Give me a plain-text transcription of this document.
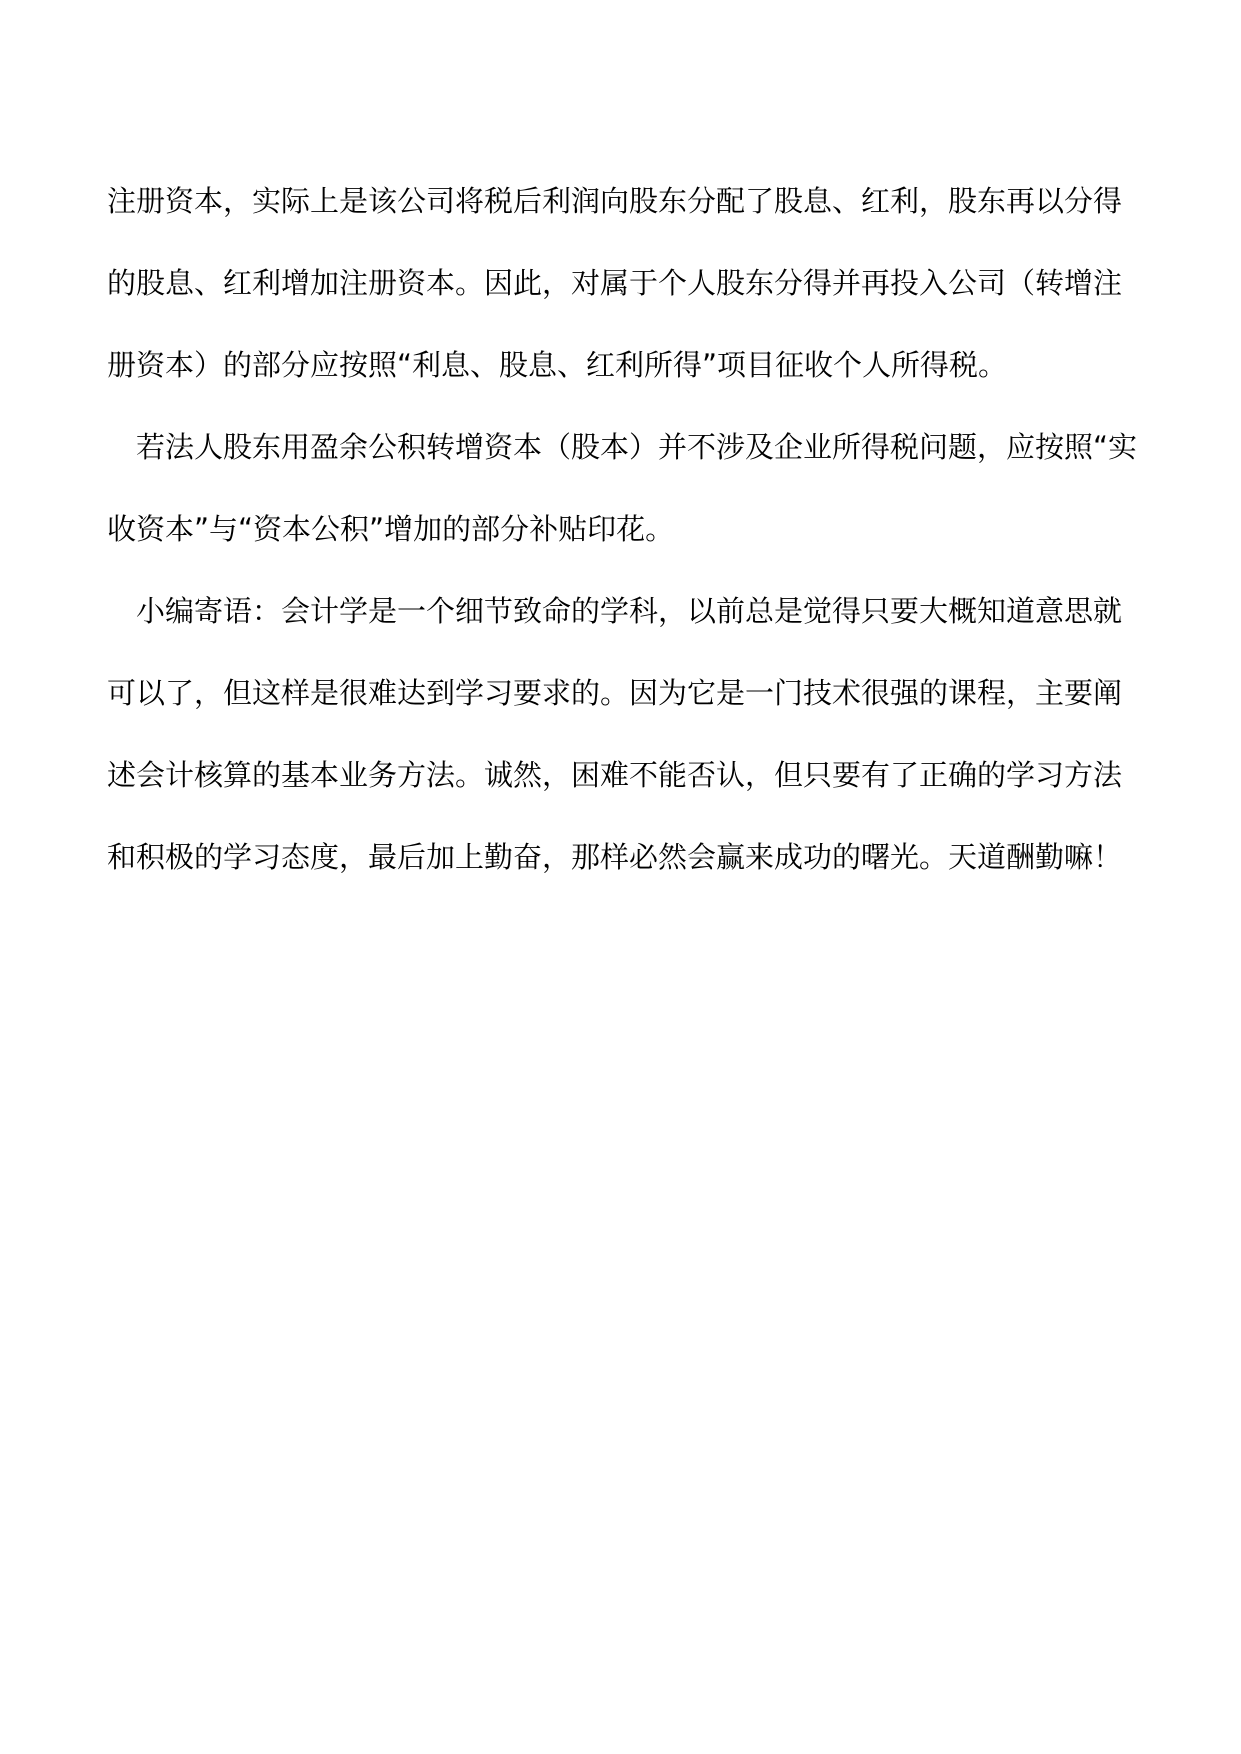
注册资本，实际上是该公司将税后利润向股东分配了股息、红利，股东再以分得
的股息、红利增加注册资本。因此，对属于个人股东分得并再投入公司（转增注
册资本）的部分应按照“利息、股息、红利所得”项目征收个人所得税。
　若法人股东用盈余公积转增资本（股本）并不涉及企业所得税问题，应按照“实
收资本”与“资本公积”增加的部分补贴印花。
　小编寄语：会计学是一个细节致命的学科，以前总是觉得只要大概知道意思就
可以了，但这样是很难达到学习要求的。因为它是一门技术很强的课程，主要阐
述会计核算的基本业务方法。诚然，困难不能否认，但只要有了正确的学习方法
和积极的学习态度，最后加上勤奋，那样必然会赢来成功的曙光。天道酬勤嘛！
